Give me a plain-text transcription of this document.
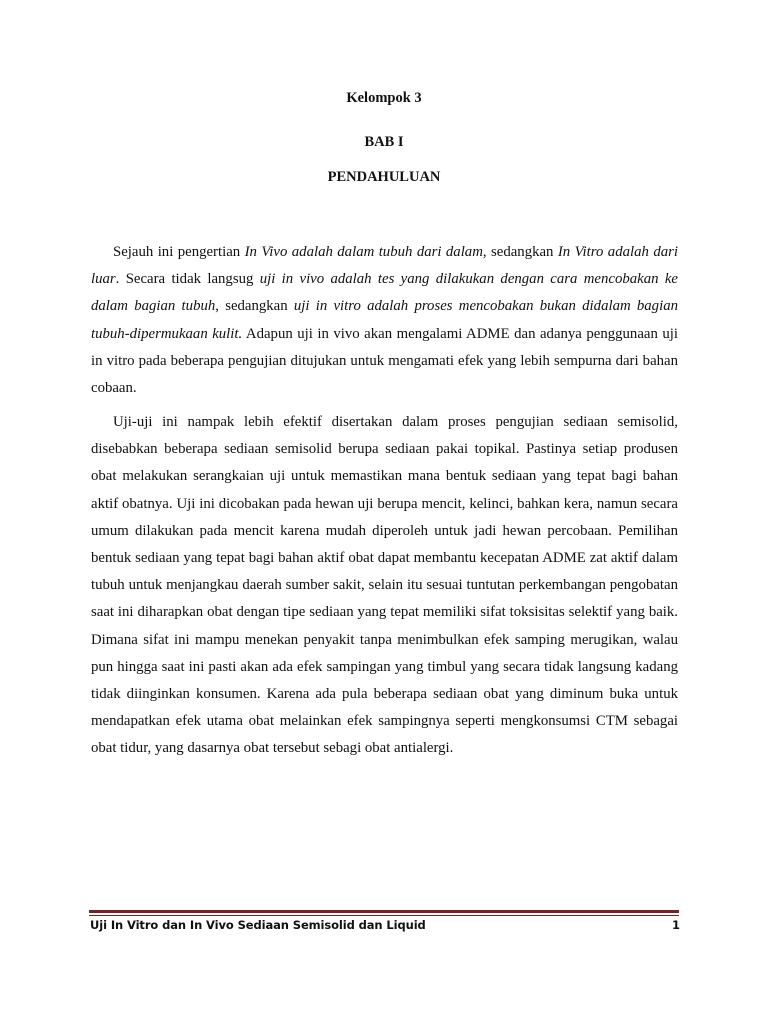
Kelompok 3
BAB I
PENDAHULUAN

Sejauh ini pengertian In Vivo adalah dalam tubuh dari dalam, sedangkan In Vitro adalah dari luar. Secara tidak langsug uji in vivo adalah tes yang dilakukan dengan cara mencobakan ke dalam bagian tubuh, sedangkan uji in vitro adalah proses mencobakan bukan didalam bagian tubuh-dipermukaan kulit. Adapun uji in vivo akan mengalami ADME dan adanya penggunaan uji in vitro pada beberapa pengujian ditujukan untuk mengamati efek yang lebih sempurna dari bahan cobaan.

Uji-uji ini nampak lebih efektif disertakan dalam proses pengujian sediaan semisolid, disebabkan beberapa sediaan semisolid berupa sediaan pakai topikal. Pastinya setiap produsen obat melakukan serangkaian uji untuk memastikan mana bentuk sediaan yang tepat bagi bahan aktif obatnya. Uji ini dicobakan pada hewan uji berupa mencit, kelinci, bahkan kera, namun secara umum dilakukan pada mencit karena mudah diperoleh untuk jadi hewan percobaan. Pemilihan bentuk sediaan yang tepat bagi bahan aktif obat dapat membantu kecepatan ADME zat aktif dalam tubuh untuk menjangkau daerah sumber sakit, selain itu sesuai tuntutan perkembangan pengobatan saat ini diharapkan obat dengan tipe sediaan yang tepat memiliki sifat toksisitas selektif yang baik. Dimana sifat ini mampu menekan penyakit tanpa menimbulkan efek samping merugikan, walau pun hingga saat ini pasti akan ada efek sampingan yang timbul yang secara tidak langsung kadang tidak diinginkan konsumen. Karena ada pula beberapa sediaan obat yang diminum buka untuk mendapatkan efek utama obat melainkan efek sampingnya seperti mengkonsumsi CTM sebagai obat tidur, yang dasarnya obat tersebut sebagi obat antialergi.

Uji In Vitro dan In Vivo Sediaan Semisolid dan Liquid	1
